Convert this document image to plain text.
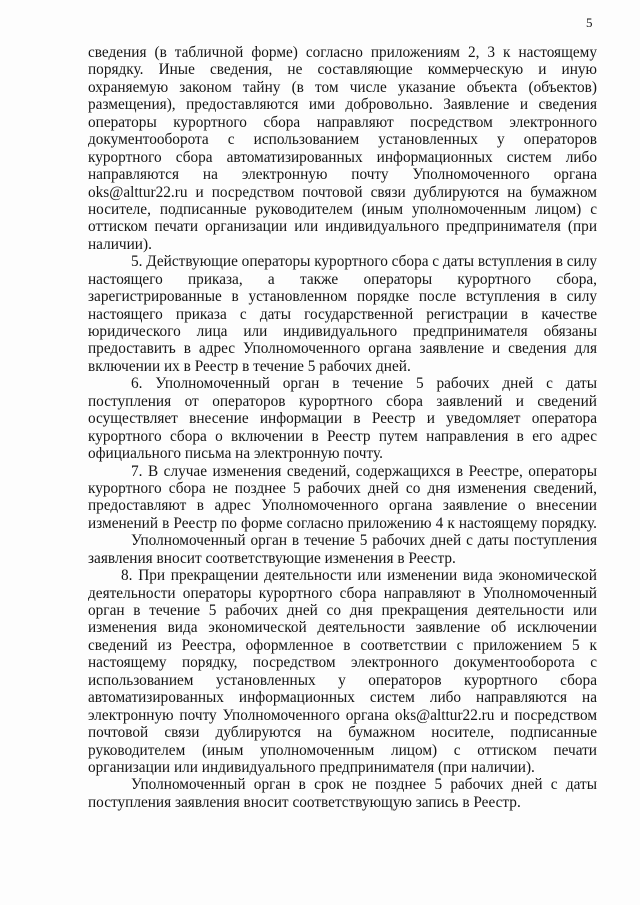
5
сведения (в табличной форме) согласно приложениям 2, 3 к настоящему
порядку. Иные сведения, не составляющие коммерческую и иную
охраняемую законом тайну (в том числе указание объекта (объектов)
размещения), предоставляются ими добровольно. Заявление и сведения
операторы курортного сбора направляют посредством электронного
документооборота с использованием установленных у операторов
курортного сбора автоматизированных информационных систем либо
направляются на электронную почту Уполномоченного органа
oks@alttur22.ru и посредством почтовой связи дублируются на бумажном
носителе, подписанные руководителем (иным уполномоченным лицом) с
оттиском печати организации или индивидуального предпринимателя (при
наличии).
5. Действующие операторы курортного сбора с даты вступления в силу
настоящего приказа, а также операторы курортного сбора,
зарегистрированные в установленном порядке после вступления в силу
настоящего приказа с даты государственной регистрации в качестве
юридического лица или индивидуального предпринимателя обязаны
предоставить в адрес Уполномоченного органа заявление и сведения для
включении их в Реестр в течение 5 рабочих дней.
6. Уполномоченный орган в течение 5 рабочих дней с даты
поступления от операторов курортного сбора заявлений и сведений
осуществляет внесение информации в Реестр и уведомляет оператора
курортного сбора о включении в Реестр путем направления в его адрес
официального письма на электронную почту.
7. В случае изменения сведений, содержащихся в Реестре, операторы
курортного сбора не позднее 5 рабочих дней со дня изменения сведений,
предоставляют в адрес Уполномоченного органа заявление о внесении
изменений в Реестр по форме согласно приложению 4 к настоящему порядку.
Уполномоченный орган в течение 5 рабочих дней с даты поступления
заявления вносит соответствующие изменения в Реестр.
8. При прекращении деятельности или изменении вида экономической
деятельности операторы курортного сбора направляют в Уполномоченный
орган в течение 5 рабочих дней со дня прекращения деятельности или
изменения вида экономической деятельности заявление об исключении
сведений из Реестра, оформленное в соответствии с приложением 5 к
настоящему порядку, посредством электронного документооборота с
использованием установленных у операторов курортного сбора
автоматизированных информационных систем либо направляются на
электронную почту Уполномоченного органа oks@alttur22.ru и посредством
почтовой связи дублируются на бумажном носителе, подписанные
руководителем (иным уполномоченным лицом) с оттиском печати
организации или индивидуального предпринимателя (при наличии).
Уполномоченный орган в срок не позднее 5 рабочих дней с даты
поступления заявления вносит соответствующую запись в Реестр.
